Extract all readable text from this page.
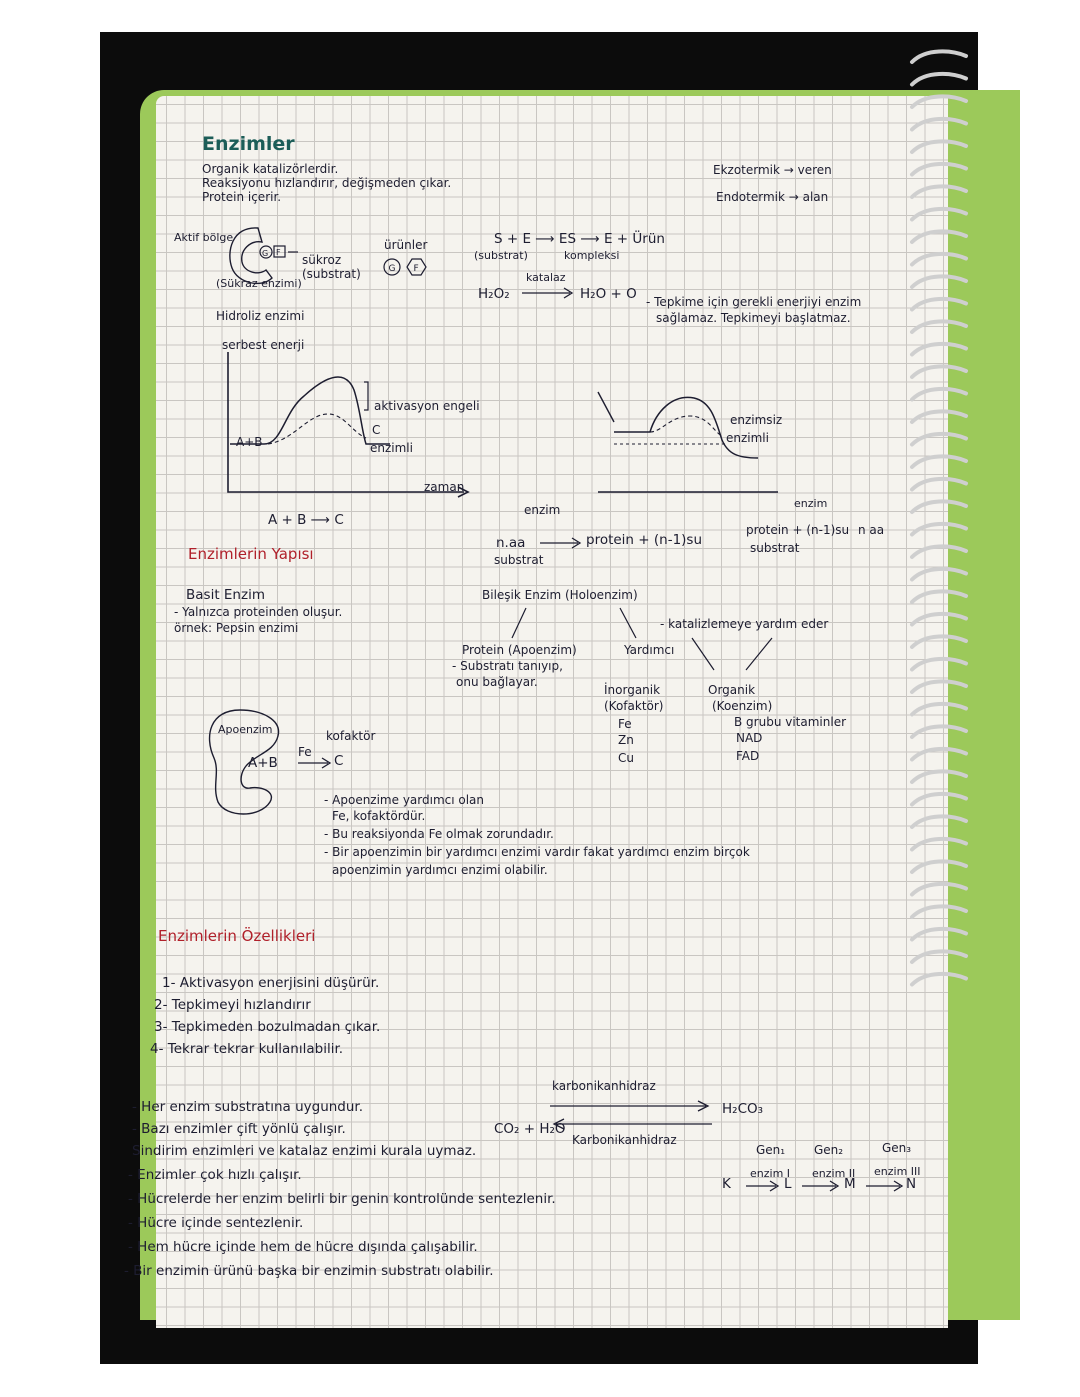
Enzimler
Organik katalizörlerdir.
Reaksiyonu hızlandırır, değişmeden çıkar.
Protein içerir.
Ekzotermik → veren
Endotermik → alan
Aktif bölge
G F
(Sükraz enzimi)
sükroz
(substrat)
ürünler
G F
Hidroliz enzimi
S + E ⟶ ES ⟶ E + Ürün
(substrat)	kompleksi
H₂O₂
katalaz
H₂O + O - Tepkime için gerekli enerjiyi enzim
sağlamaz. Tepkimeyi başlatmaz.
serbest enerji
A+B
aktivasyon engeli
C
enzimli
zaman
A + B ⟶ C
enzimsiz
enzimli
enzim
n.aa	protein + (n-1)su
substrat
enzim
protein + (n-1)su n aa
substrat
Enzimlerin Yapısı
Basit Enzim
- Yalnızca proteinden oluşur.
örnek: Pepsin enzimi
Bileşik Enzim (Holoenzim)
- katalizlemeye yardım eder
Protein (Apoenzim)
- Substratı tanıyıp,
onu bağlayar.
Yardımcı
İnorganik
(Kofaktör)
Fe
Zn
Cu
Organik
(Koenzim)
B grubu vitaminler
NAD
FAD
Apoenzim
A+B
Fe
kofaktör
C
- Apoenzime yardımcı olan
Fe, kofaktördür.
- Bu reaksiyonda Fe olmak zorundadır.
- Bir apoenzimin bir yardımcı enzimi vardır fakat yardımcı enzim birçok
apoenzimin yardımcı enzimi olabilir.
Enzimlerin Özellikleri
1- Aktivasyon enerjisini düşürür.
2- Tepkimeyi hızlandırır
3- Tepkimeden bozulmadan çıkar.
4- Tekrar tekrar kullanılabilir.
- Her enzim substratına uygundur.
- Bazı enzimler çift yönlü çalışır.
Sindirim enzimleri ve katalaz enzimi kurala uymaz.
- Enzimler çok hızlı çalışır.
- Hücrelerde her enzim belirli bir genin kontrolünde sentezlenir.
- Hücre içinde sentezlenir.
- Hem hücre içinde hem de hücre dışında çalışabilir.
- Bir enzimin ürünü başka bir enzimin substratı olabilir.
CO₂ + H₂O
karbonikanhidraz
Karbonikanhidraz
H₂CO₃
Gen₁ Gen₂	Gen₃
enzim I enzim II enzim III
K	L	M	N
